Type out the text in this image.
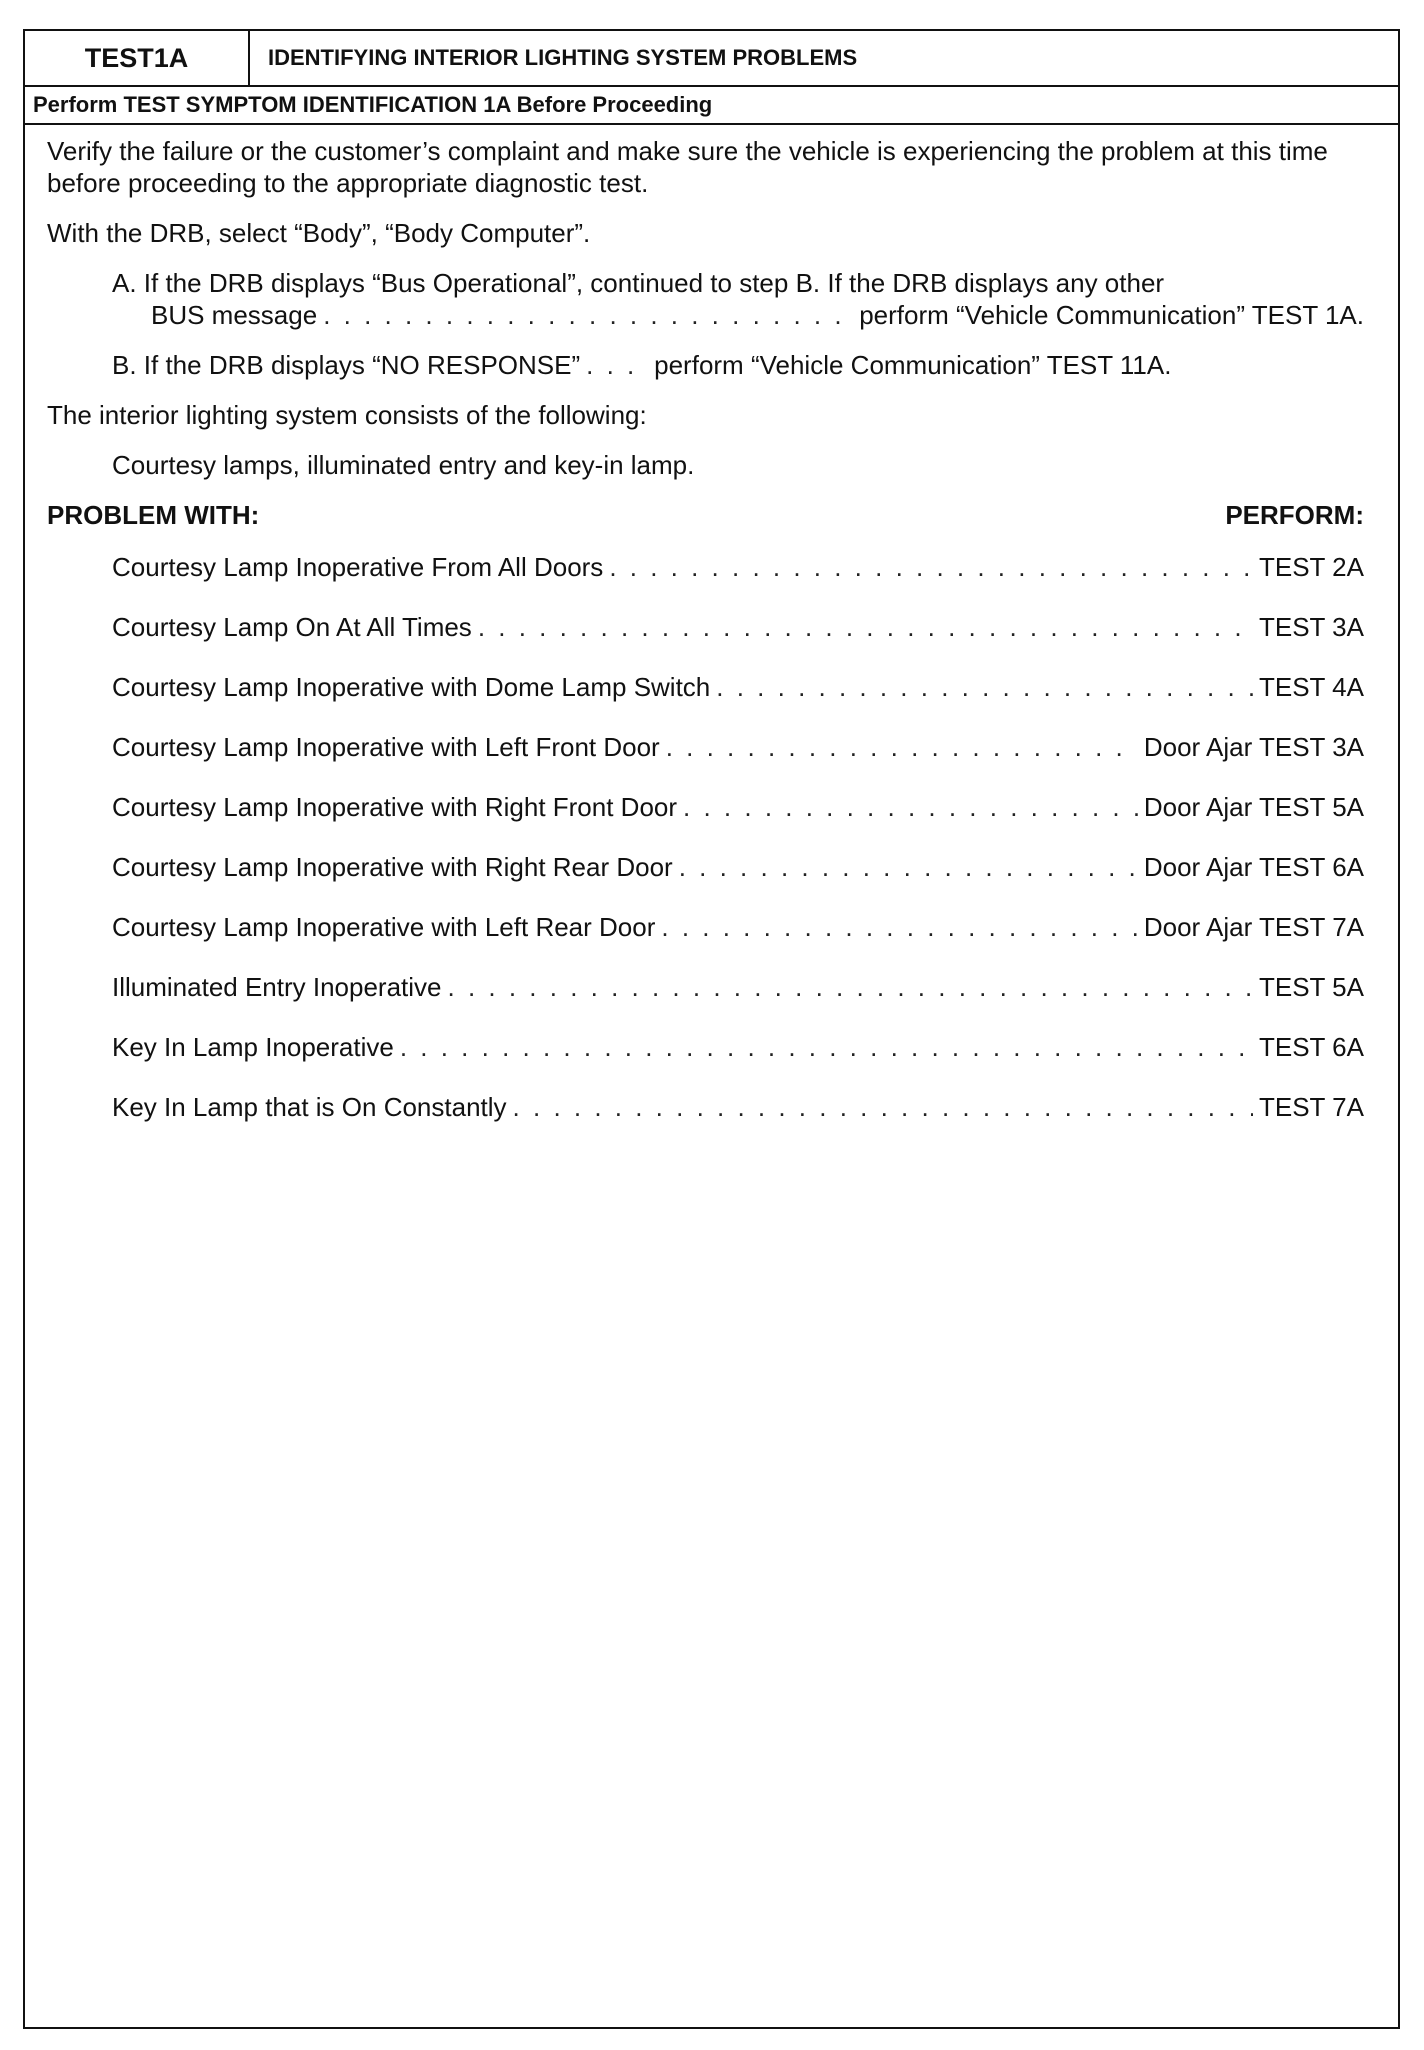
TEST1A	IDENTIFYING INTERIOR LIGHTING SYSTEM PROBLEMS
Perform TEST SYMPTOM IDENTIFICATION 1A Before Proceeding

Verify the failure or the customer’s complaint and make sure the vehicle is experiencing the problem at this time before proceeding to the appropriate diagnostic test.

With the DRB, select “Body”, “Body Computer”.

A. If the DRB displays “Bus Operational”, continued to step B. If the DRB displays any other
BUS message . . .	perform “Vehicle Communication” TEST 1A.
B. If the DRB displays “NO RESPONSE” . . .	perform “Vehicle Communication” TEST 11A.

The interior lighting system consists of the following:

Courtesy lamps, illuminated entry and key-in lamp.

PROBLEM WITH:	PERFORM:
Courtesy Lamp Inoperative From All Doors . . .	TEST 2A
Courtesy Lamp On At All Times . . .	TEST 3A
Courtesy Lamp Inoperative with Dome Lamp Switch . . .	TEST 4A
Courtesy Lamp Inoperative with Left Front Door . . .	Door Ajar TEST 3A
Courtesy Lamp Inoperative with Right Front Door . . .	Door Ajar TEST 5A
Courtesy Lamp Inoperative with Right Rear Door . . .	Door Ajar TEST 6A
Courtesy Lamp Inoperative with Left Rear Door . . .	Door Ajar TEST 7A
Illuminated Entry Inoperative . . .	TEST 5A
Key In Lamp Inoperative . . .	TEST 6A
Key In Lamp that is On Constantly . . .	TEST 7A
